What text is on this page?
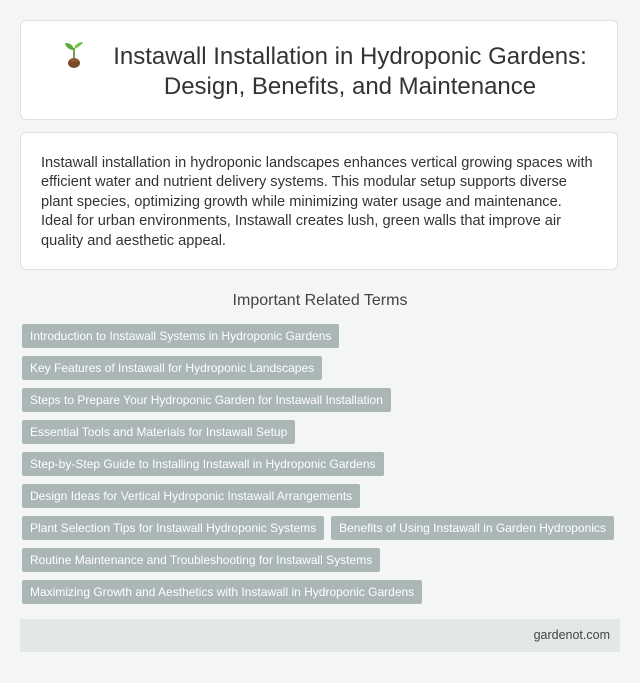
Instawall Installation in Hydroponic Gardens: Design, Benefits, and Maintenance

Instawall installation in hydroponic landscapes enhances vertical growing spaces with efficient water and nutrient delivery systems. This modular setup supports diverse plant species, optimizing growth while minimizing water usage and maintenance. Ideal for urban environments, Instawall creates lush, green walls that improve air quality and aesthetic appeal.

Important Related Terms
Introduction to Instawall Systems in Hydroponic Gardens
Key Features of Instawall for Hydroponic Landscapes
Steps to Prepare Your Hydroponic Garden for Instawall Installation
Essential Tools and Materials for Instawall Setup
Step-by-Step Guide to Installing Instawall in Hydroponic Gardens
Design Ideas for Vertical Hydroponic Instawall Arrangements
Plant Selection Tips for Instawall Hydroponic Systems Benefits of Using Instawall in Garden Hydroponics
Routine Maintenance and Troubleshooting for Instawall Systems
Maximizing Growth and Aesthetics with Instawall in Hydroponic Gardens
gardenot.com
